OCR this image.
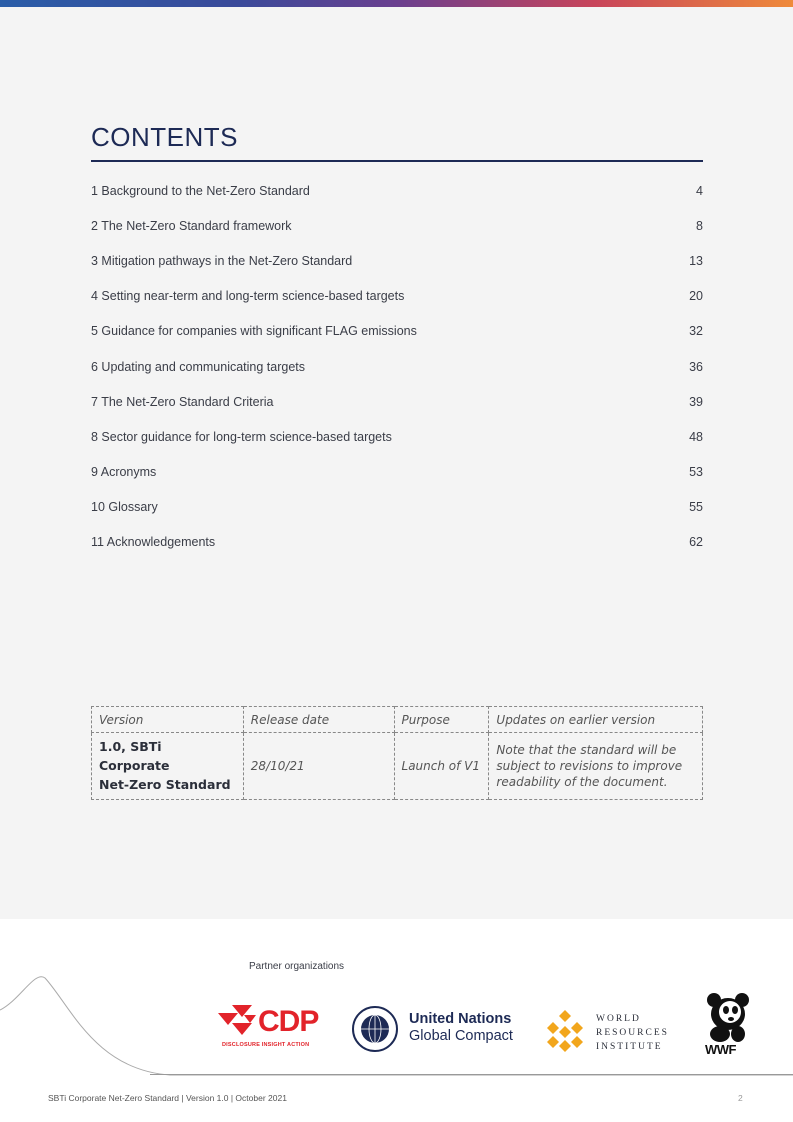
CONTENTS
1 Background to the Net-Zero Standard	4
2 The Net-Zero Standard framework	8
3 Mitigation pathways in the Net-Zero Standard	13
4 Setting near-term and long-term science-based targets	20
5 Guidance for companies with significant FLAG emissions	32
6 Updating and communicating targets	36
7 The Net-Zero Standard Criteria	39
8 Sector guidance for long-term science-based targets	48
9 Acronyms	53
10 Glossary	55
11 Acknowledgements	62
Version	Release date	Purpose	Updates on earlier version
1.0, SBTi Corporate
Net-Zero Standard	28/10/21	Launch of V1	Note that the standard will be subject to revisions to improve readability of the document.
Partner organizations
CDP
DISCLOSURE INSIGHT ACTION
United Nations
Global Compact
WORLD
RESOURCES
INSTITUTE	WWF
SBTi Corporate Net-Zero Standard | Version 1.0 | October 2021	2
